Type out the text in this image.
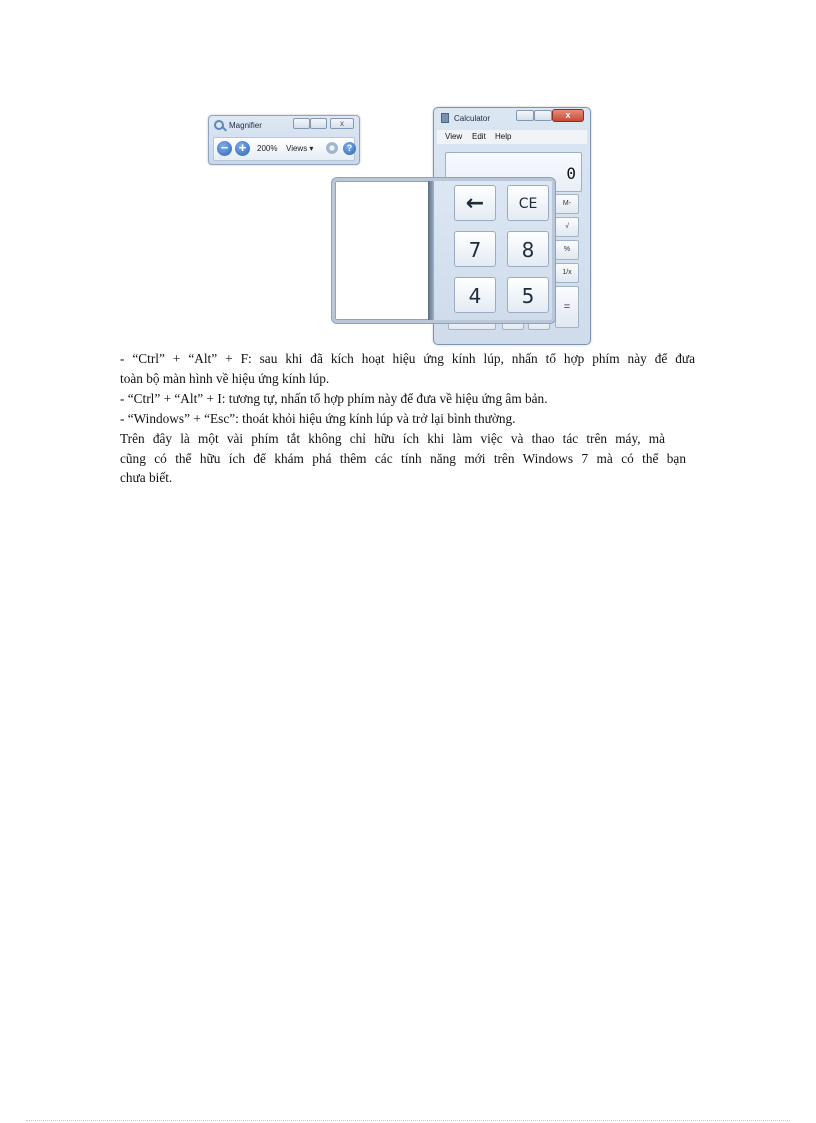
Magnifier	x
− +	200% Views ▾	?
Calculator	x
View Edit Help
0
M-
√
%
1/x
=
←	CE
7	8
4	5
- “Ctrl” + “Alt” + F: sau khi đã kích hoạt hiệu ứng kính lúp, nhấn tổ hợp phím này để đưa
toàn bộ màn hình về hiệu ứng kính lúp.
- “Ctrl” + “Alt” + I: tương tự, nhấn tổ hợp phím này để đưa về hiệu ứng âm bản.
- “Windows” + “Esc”: thoát khỏi hiệu ứng kính lúp và trở lại bình thường.
Trên đây là một vài phím tắt không chỉ hữu ích khi làm việc và thao tác trên máy, mà
cũng có thể hữu ích để khám phá thêm các tính năng mới trên Windows 7 mà có thể bạn
chưa biết.
